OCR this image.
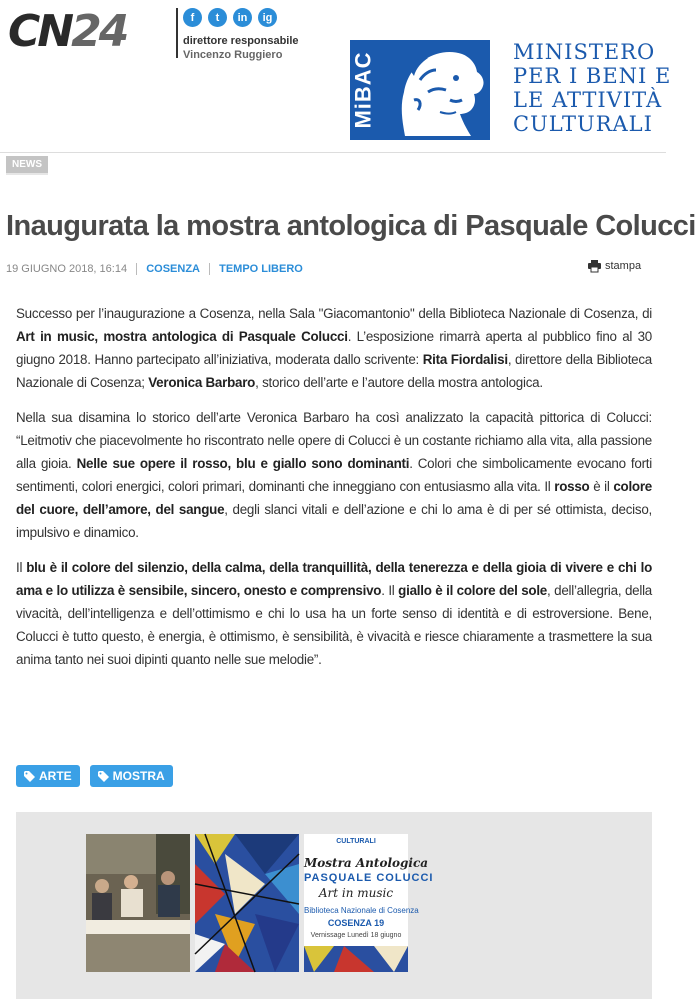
CN24	f	t	in	ig
direttore responsabile
Vincenzo Ruggiero	MiBAC	MINISTERO
PER I BENI E
LE ATTIVITÀ
CULTURALI
NEWS
Inaugurata la mostra antologica di Pasquale Colucci
19 GIUGNO 2018, 16:14 COSENZA TEMPO LIBERO	stampa

Successo per l’inaugurazione a Cosenza, nella Sala "Giacomantonio" della Biblioteca Nazionale di Cosenza, di Art in music, mostra antologica di Pasquale Colucci. L’esposizione rimarrà aperta al pubblico fino al 30 giugno 2018. Hanno partecipato all’iniziativa, moderata dallo scrivente: Rita Fiordalisi, direttore della Biblioteca Nazionale di Cosenza; Veronica Barbaro, storico dell’arte e l’autore della mostra antologica.

Nella sua disamina lo storico dell’arte Veronica Barbaro ha così analizzato la capacità pittorica di Colucci: “Leitmotiv che piacevolmente ho riscontrato nelle opere di Colucci è un costante richiamo alla vita, alla passione alla gioia. Nelle sue opere il rosso, blu e giallo sono dominanti. Colori che simbolicamente evocano forti sentimenti, colori energici, colori primari, dominanti che inneggiano con entusiasmo alla vita. Il rosso è il colore del cuore, dell’amore, del sangue, degli slanci vitali e dell’azione e chi lo ama è di per sé ottimista, deciso, impulsivo e dinamico.

Il blu è il colore del silenzio, della calma, della tranquillità, della tenerezza e della gioia di vivere e chi lo ama e lo utilizza è sensibile, sincero, onesto e comprensivo. Il giallo è il colore del sole, dell’allegria, della vivacità, dell’intelligenza e dell’ottimismo e chi lo usa ha un forte senso di identità e di estroversione. Bene, Colucci è tutto questo, è energia, è ottimismo, è sensibilità, è vivacità e riesce chiaramente a trasmettere la sua anima tanto nei suoi dipinti quanto nelle sue melodie”.

ARTE	MOSTRA
CULTURALI
Mostra Antologica
PASQUALE COLUCCI
Art in music
Biblioteca Nazionale di Cosenza
COSENZA 19
Vernissage Lunedì 18 giugno
